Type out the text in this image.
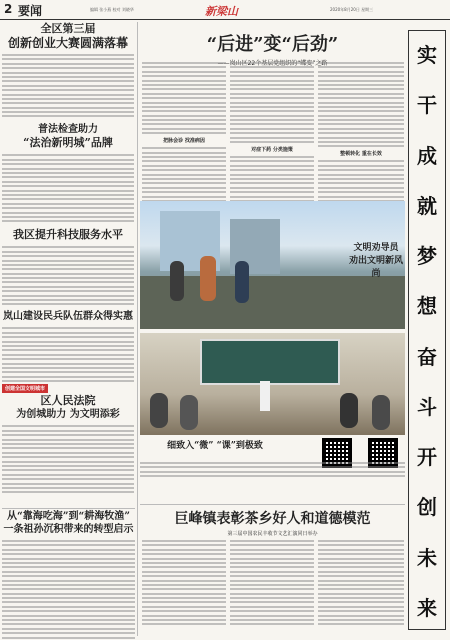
2 要闻	编辑 张小燕 校对 刘晓华	新梁山	2020年8月20日 星期三
全区第三届
创新创业大赛圆满落幕
普法检查助力
“法治新明城”品牌
我区提升科技服务水平
岚山建设民兵队伍群众得实惠
创建全国文明城市
区人民法院
为创城助力 为文明添彩
从“靠海吃海”到“耕海牧渔”
一条祖孙沉积带来的转型启示
“后进”变“后劲”
把脉会诊 找准病因
对症下药 分类施策
整顿转化 重在长效
实
干
成
就
梦
想
奋
斗
开
创
未
来
细致入“微” “课”到极致
巨峰镇表彰茶乡好人和道德模范
第三届中国农民丰收节文艺汇演同日举办
文明劝导员
劝出文明新风尚
